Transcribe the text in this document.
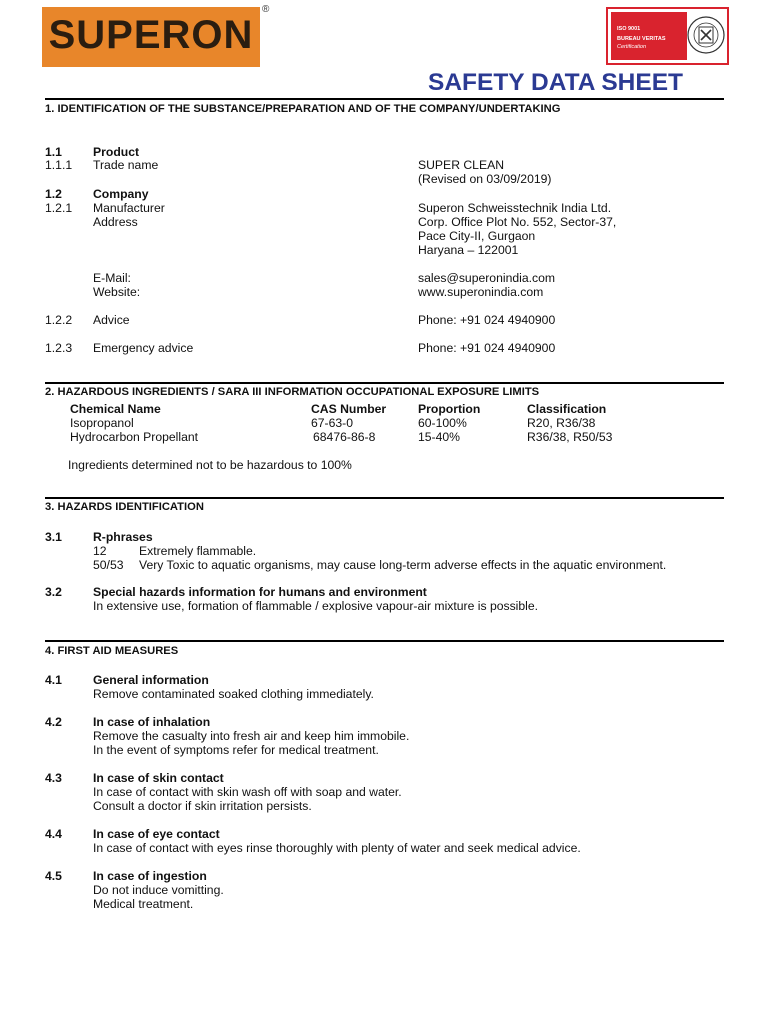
SUPERON
®
ISO 9001
BUREAU VERITAS
Certification
SAFETY DATA SHEET
1. IDENTIFICATION OF THE SUBSTANCE/PREPARATION AND OF THE COMPANY/UNDERTAKING
1.1	Product
1.1.1 Trade name	SUPER CLEAN
(Revised on 03/09/2019)
1.2	Company
1.2.1 Manufacturer	Superon Schweisstechnik India Ltd.
Address	Corp. Office Plot No. 552, Sector-37,
Pace City-II, Gurgaon
Haryana – 122001
E-Mail:	sales@superonindia.com
Website:	www.superonindia.com
1.2.2 Advice	Phone: +91 024 4940900
1.2.3 Emergency advice	Phone: +91 024 4940900
2. HAZARDOUS INGREDIENTS / SARA III INFORMATION OCCUPATIONAL EXPOSURE LIMITS
Chemical Name	CAS Number	Proportion	Classification
Isopropanol	67-63-0	60-100%	R20, R36/38
Hydrocarbon Propellant	68476-86-8	15-40%	R36/38, R50/53
Ingredients determined not to be hazardous to 100%
3. HAZARDS IDENTIFICATION
3.1	R-phrases
12	Extremely flammable.
50/53 Very Toxic to aquatic organisms, may cause long-term adverse effects in the aquatic environment.
3.2	Special hazards information for humans and environment
In extensive use, formation of flammable / explosive vapour-air mixture is possible.
4. FIRST AID MEASURES
4.1	General information
Remove contaminated soaked clothing immediately.
4.2	In case of inhalation
Remove the casualty into fresh air and keep him immobile.
In the event of symptoms refer for medical treatment.
4.3	In case of skin contact
In case of contact with skin wash off with soap and water.
Consult a doctor if skin irritation persists.
4.4	In case of eye contact
In case of contact with eyes rinse thoroughly with plenty of water and seek medical advice.
4.5	In case of ingestion
Do not induce vomitting.
Medical treatment.
